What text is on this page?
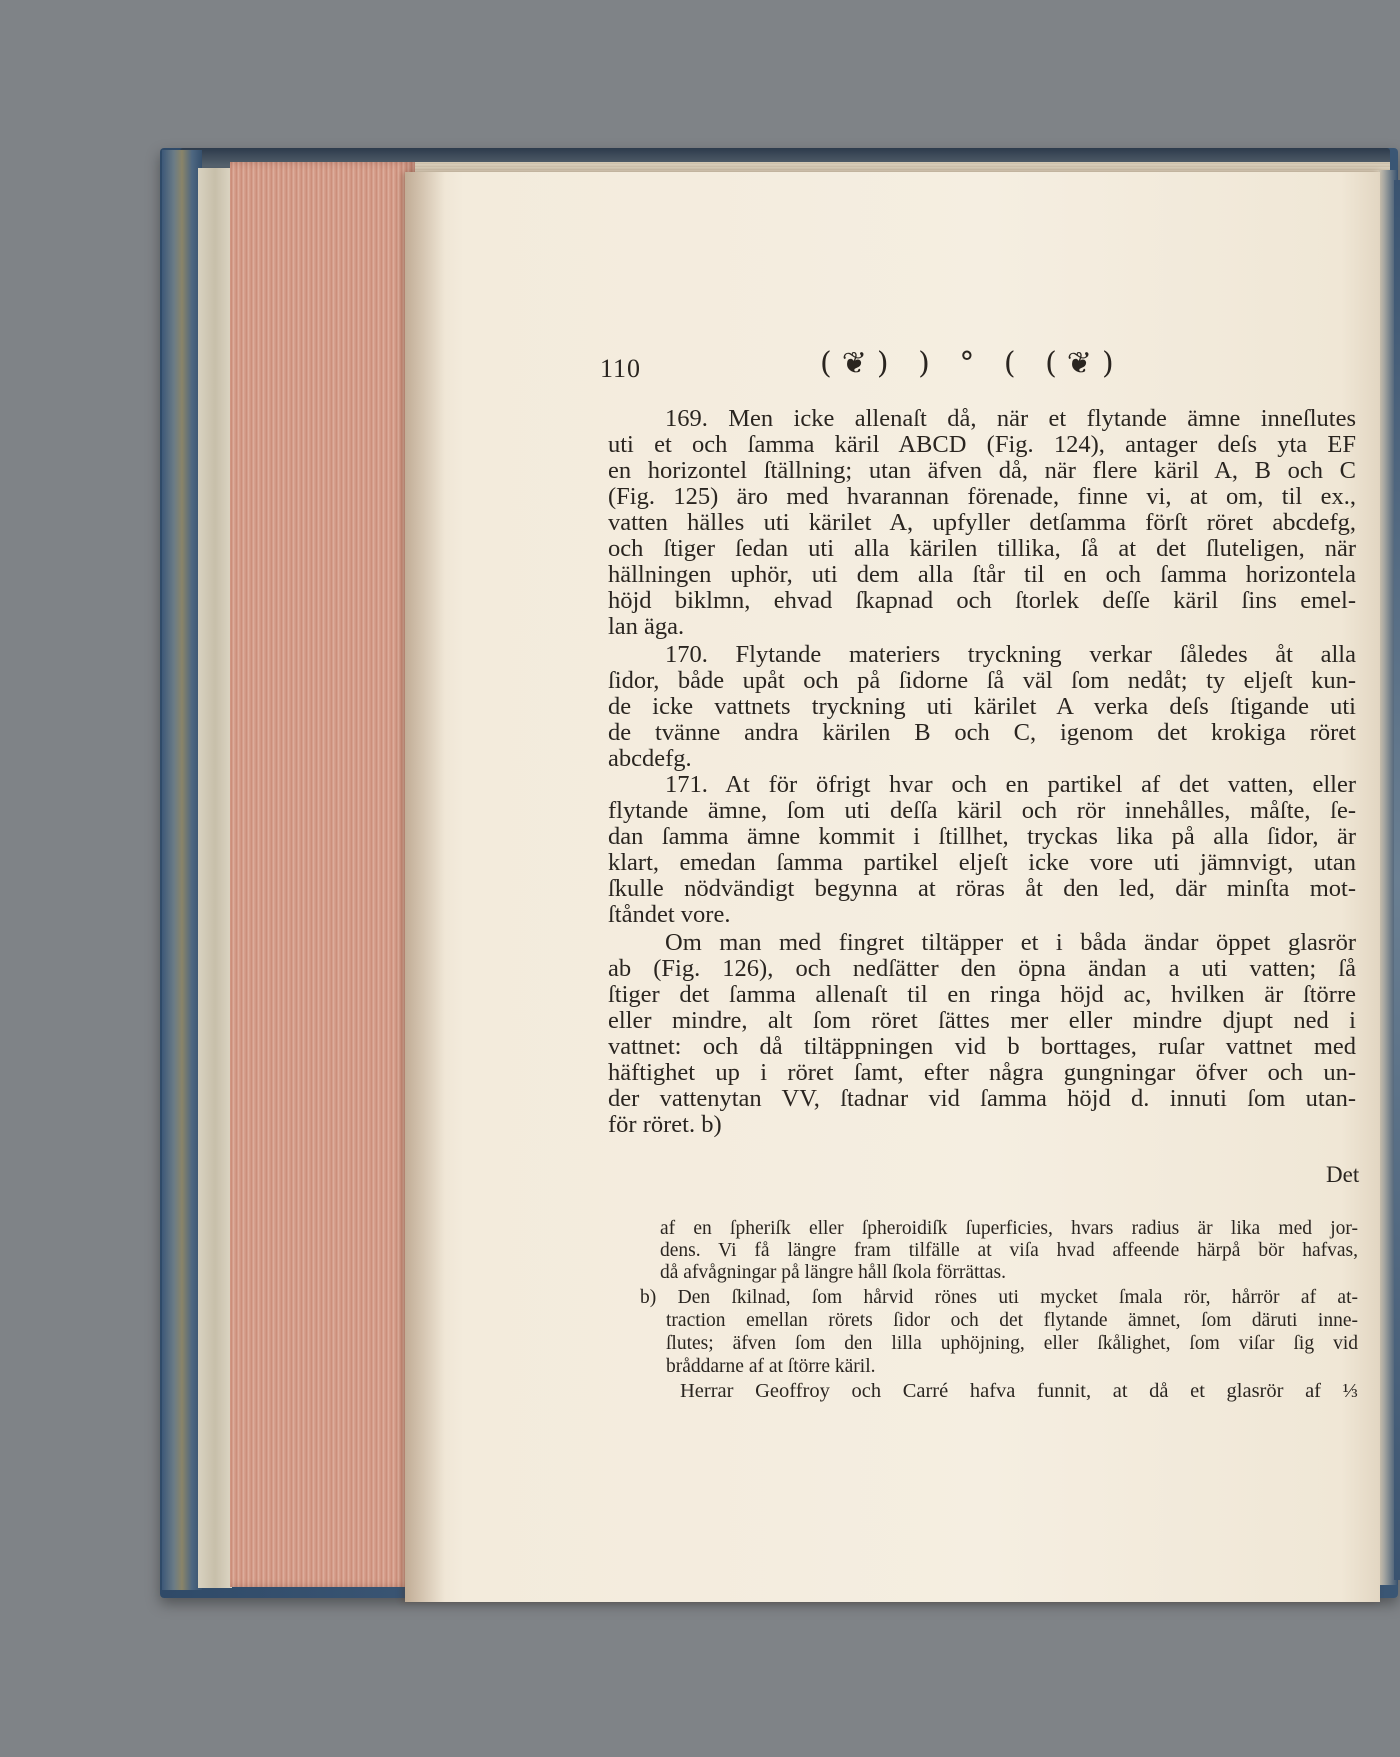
110	(❦) ) ° ( (❦)
169. Men icke allenaſt då, när et flytande ämne inneſlutes
uti et och ſamma käril ABCD (Fig. 124), antager deſs yta EF
en horizontel ſtällning; utan äfven då, när flere käril A, B och C
(Fig. 125) äro med hvarannan förenade, finne vi, at om, til ex.,
vatten hälles uti kärilet A, upfyller detſamma förſt röret abcdefg,
och ſtiger ſedan uti alla kärilen tillika, ſå at det ſluteligen, när
hällningen uphör, uti dem alla ſtår til en och ſamma horizontela
höjd biklmn, ehvad ſkapnad och ſtorlek deſſe käril ſins emel-
lan äga.
170. Flytande materiers tryckning verkar ſåledes åt alla
ſidor, både upåt och på ſidorne ſå väl ſom nedåt; ty eljeſt kun-
de icke vattnets tryckning uti kärilet A verka deſs ſtigande uti
de tvänne andra kärilen B och C, igenom det krokiga röret
abcdefg.
171. At för öfrigt hvar och en partikel af det vatten, eller
flytande ämne, ſom uti deſſa käril och rör innehålles, måſte, ſe-
dan ſamma ämne kommit i ſtillhet, tryckas lika på alla ſidor, är
klart, emedan ſamma partikel eljeſt icke vore uti jämnvigt, utan
ſkulle nödvändigt begynna at röras åt den led, där minſta mot-
ſtåndet vore.
Om man med fingret tiltäpper et i båda ändar öppet glasrör
ab (Fig. 126), och nedſätter den öpna ändan a uti vatten; ſå
ſtiger det ſamma allenaſt til en ringa höjd ac, hvilken är ſtörre
eller mindre, alt ſom röret ſättes mer eller mindre djupt ned i
vattnet: och då tiltäppningen vid b borttages, ruſar vattnet med
häftighet up i röret ſamt, efter några gungningar öfver och un-
der vattenytan VV, ſtadnar vid ſamma höjd d. innuti ſom utan-
för röret. b)
Det
af en ſpheriſk eller ſpheroidiſk ſuperficies, hvars radius är lika med jor-
dens. Vi få längre fram tilfälle at viſa hvad affeende härpå bör hafvas,
då afvågningar på längre håll ſkola förrättas.
b) Den ſkilnad, ſom hårvid rönes uti mycket ſmala rör, hårrör af at-
traction emellan rörets ſidor och det flytande ämnet, ſom däruti inne-
ſlutes; äfven ſom den lilla uphöjning, eller ſkålighet, ſom viſar ſig vid
bråddarne af at ſtörre käril.
Herrar Geoffroy och Carré hafva funnit, at då et glasrör af ⅓
